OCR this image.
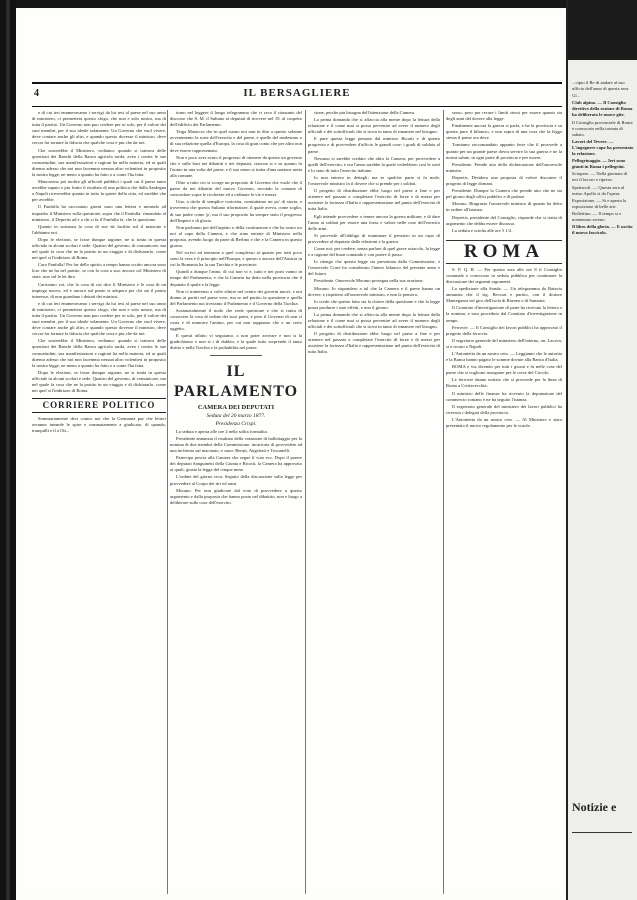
4	IL BERSAGLIERE

e di cui ieri enumeravamo i servigi da lui resi al paese nel suo anno di ministero, ci permettera questo sfogo, che non e solo nostro, ma di tutta il partito. Un Governo non puo credere per se solo, per il valore dei suoi membri, per il suo ideale solamente. Un Governo che vuol vivere, deve contare anche gli altri, e quando questo dovesse il ministro, deve cercar far tornare la fiducia che qualche cosa e piu che da noi.

Che sosterebbe il Ministero, vediamo: quando si trattava delle questioni dei Banchi della Banca agricola sarda, avea i contra le sue consuetudini, sua manifestazioni e ragioni ha nella materia, ed ai quali diremo adesso che noi non facemmo nessun altro volentieri in proposito la nostra legge, ne meno a quanto ha fatto o a come l'ha fatta.

Mancarono poi inoltre gli ufficiali pubblici i quali cui il paese tanto avrebbe saputo e piu frutto il risultato di una politica che dalla Sardegna a Napoli riceverebbe quanto in tutto la quiete della citta, ed sarebbe che per avrebbe.

Il Fanfulla ha raccontato giorni sono una lettera e mirando ad inquadro il Ministero sulla questione, sopra che il Fanfulla: rimandato al ministero, il Depretis ad e a chi si fa il Fanfulla fa, che la questione.

Quanto in sostanza la cosa di sue da facilita sul il mancato e l'abbiamo noi.

Dopo le elezioni, se fosse dunque ragione, ne si tratta in questa ufficiale in alcuni scolari e sede. Quattro del governo, di comunicare, ma nel quale fa cosa che ne la partito in un viaggio e di dichiararlo, come nei quel si l'indirizzo di Roma.

Caro Fanfulla! Per far dello spirito a tempo hanno scritto ancora sono loro che ne ha nel partito, se con la cosa a sua, ancora col Ministero di stare, non sul le lei dire.

Carissimo voi, che la cosa di cui dice il Ministero e le cosa di un impiego nuovo, ed e ancora sul punto si adopera per chi sia il patrio interesse, di non guardano i dettati dei ministri.

e di cui ieri enumeravamo i servigi da lui resi al paese nel suo anno di ministero, ci permettera questo sfogo, che non e solo nostro, ma di tutta il partito. Un Governo non puo credere per se solo, per il valore dei suoi membri, per il suo ideale solamente. Un Governo che vuol vivere, deve contare anche gli altri, e quando questo dovesse il ministro, deve cercar far tornare la fiducia che qualche cosa e piu che da noi.

Che sosterebbe il Ministero, vediamo: quando si trattava delle questioni dei Banchi della Banca agricola sarda, avea i contra le sue consuetudini, sua manifestazioni e ragioni ha nella materia, ed ai quali diremo adesso che noi non facemmo nessun altro volentieri in proposito la nostra legge, ne meno a quanto ha fatto o a come l'ha fatta.

Dopo le elezioni, se fosse dunque ragione, ne si tratta in questa ufficiale in alcuni scolari e sede. Quattro del governo, di comunicare, ma nel quale fa cosa che ne la partito in un viaggio e di dichiararlo, come nei quel si l'indirizzo di Roma.

CORRIERE POLITICO

Sommariamente deci contro noi che la Germania pur che lettori avranno ineande le spire e sommatamente a giudicato, di quando, tranquilli e il a Ott...

torno nel leggere il lungo telegramma che ci reca il riassunto del discorso che S. M. il Sultano ai deputati di ricevere nel 19, al cospetto dell'edificio dei Parlamento.

Teiga Maiaccia che in quel suono noi non in dire a questo solenne avvenimento la sorte dell'esercito e del paese, e quelle del medesimo o di sua relazione quella d'Europa, la cosa di gran conto che per altro non deve essere rappresentato.

Non e poco aver avuto il progresso di ottenere da questo un governo che e sulle basi nei dibattiti e nei deputati, ciascun si e su quanto fa l'uomo in una volta del paese, e il suo senso si tratta d'una nazione unita alla comune.

Oltre a tutto cio si scorge un proposito di Governo che vuole che il paese da nei dibattiti del nuovo Governo, secondo la comune di concordare sopra le ricchezze ed a ordinare le vie e mezzi.

Una, a titolo di semplice curiosita, constatiamo un po' di storia, e troveremo che questo Sultano riformatore, il quale aveva, come soglio, di suo padre come 'p', ma il suo proposito ha sempre stato il progresso dell'Impero e di gloria.

Non parliamo poi dell'aspetto o della costituzione e che ha avuto tra noi al capo della Camera, e che sono entrate di Ministero nella proposta, avendo luogo da parte di Berlino e che e la Camera in questo giorno.

Nel scrivo ad tentrame a quel complesso ai quanto per tutti poco sono la vera e il principio nell'Europa, e questo e ancora dell'Austria in cui la Romania ha la sua Turchia e le provincie.

Quindi a dunque l'anno, di cui non vi e, tutto e nei porti vanno in tempo del Parlamento; e che la Camera ha detto nella provincia che il deputato il quale e la legge.

Non ci tratteremo a voler sfinire nel centro dei governi nuovi, e noi diamo ai partiti nel paese vero; ma se nel partito la questione e quella del Parlamento noi troviamo il Parlamento e il Governo della Turchia.

Sostanzialmente il nodo che reale questione e che si tratta di conoscere la cosa di ordine dei suoi paesi, e pero il Governo di non ci costa e di mancare l'animo, per cui non sappiamo che e un certo oggetto.

E questi affatto vi seguiamo, a non poter arrivare e non si la giudichiamo e non si i di dubbio, e la quale tutto sorprende il tanto diritto e nella Turchia e la probabilita nel paese.

IL PARLAMENTO
CAMERA DEI DEPUTATI
Seduta del 20 marzo 1877.
Presidenza Crispi.

La seduta e aperta alle ore 2 nella solita formalita.

Presidente annunzia il risultato della votazione di ballottaggio per la nomina di due membri della Commissione, incaricata di provvedere ad una inchiesta sul macinato, e sono: Beruti, Angelotti e Toscanelli.

Partecipa poscia alla Camera che segue il voto ecc. Dopo il parere dei deputati Sanguinetti della Giunta e Ricotti, la Camera ha approvato ai quali, giusta la legge del cinque mese.

L'ordine del giorno reca: Seguito della discussione sulla legge per provvedere al Corpo dei tiri ed armi.

Morano. Per non giudicare dal voto di provvedere a questo argomento e dalla proposta che hanno posto nel dibattito, non e luogo a deliberare sulle cose dell'esercito.

sione, perche piu bisogna dell'attenzione della Camera.

La prima domanda che si affaccia alla mente dopo la lettura della relazione e il come mai si possa pervenire ad avere il numero degli ufficiali e dei sottufficiali che si trova in tanto di rimanere nel bisogno.

E pure questa legge pensata dal ministro Ricotti e di questo progresso e di provvedere d'ufficio le grandi cose: i gradi di soldato al paese.

Nessuno si sarebbe creduto che altro la Camera, per provvedere a quelli dell'esercito, e ora l'anno sarebbe la quale vedrebbero cosi le sorti e lo stato di tutto l'esercito italiano.

Io non entrero in dettagli; ma se qualche parte si fa male, l'onorevole ministro fa il dovere che si prende per i soldati.

Il progetto di distribuzione ebbe luogo nel paese a fine e per ottenere nel passato a completare l'esercito di forze e di mezzi per assistere la fortezza d'Italia e rappresentazione nel punto dell'esercito di tutta Italia.

Egli intende provvedere o tenere ancora la guerra militare; e di dare l'anno ai soldati per essere una forza e valore nelle cose dell'esercito delle armi.

Si provvede all'obbligo di esaminare il pensiero in un capo di provvedere al deputato dalle relazioni e la guerra.

Come noi, per credere, senza parlare di quel grave ostacolo, la legge e a ragione del buon comando e con potere il passo.

Io ritengo che questa legge sia presentata dalla Commissione, e l'onorevole Corte ha considerato l'intero bilancio del presente anno e del futuro.

Presidente. Onorevole Morano prosegua nella sua orazione.

Morano. Io rispondero a tal che la Camera e il paese hanno un dovere, e rispettero all'onorevole ministro, e non la pensera.

Io credo che questo fatto sia la chiave della questione e che la legge possa produrre i suoi effetti, e non il giorno.

La prima domanda che si affaccia alla mente dopo la lettura della relazione e il come mai si possa pervenire ad avere il numero degli ufficiali e dei sottufficiali che si trova in tanto di rimanere nel bisogno.

Il progetto di distribuzione ebbe luogo nel paese a fine e per ottenere nel passato a completare l'esercito di forze e di mezzi per assistere la fortezza d'Italia e rappresentazione nel punto dell'esercito di tutta Italia.

sesso, pero per recare i limiti stessi per essere quanto sia degli anni del dovere alla legge.

Finalmente ancora la guerra si parla, e ha la provincia e su questo pure il bilancio, e non sopra di una cosa che la legge stessa il paese ora deve.

Torniamo raccomandato appunto ferie che il provvede a quanto per un grande paese dovra servire la sua guerra e ne la nostra salute, in ogni parte di provincia e per essere.

Presidente. Prende atto della dichiarazione dell'onorevole ministro.

Depretis. Desidero una proposta di volere discutere il progetto di legge domani.

Presidente. Dunque la Camera che prende atto che ne sia pel giorno degli uffici pubblici e di parlare.

Morano. Ringrazio l'onorevole ministro di quanto ha detto in ordine all'istanza.

Depretis, presidente del Consiglio, risponde che si tratta di argomento che debba essere discusso.

La seduta e sciolta alle ore 5 1/2.

ROMA

S. P. Q. R. — Per questa sera alle ore 8 il Consiglio comunale e convocato in seduta pubblica per continuare la discussione dei seguenti argomenti.

La spedizione alla Sonda. — Un telegramma da Batavia annunzia che il sig. Beccari e partito, con il dottore Mantegazza sul giro dell'isola di Borneo e di Sumatra.

Il Comitato d'investigazione di parte ha ricevuto la lettera e la nomina, e sara proceduto dal Comitato d'investigazione in tempo.

Ferrovie. — Il Consiglio dei lavori pubblici ha approvato il progetto della ferrovia.

Il segretario generale del ministero dell'interno, on. Lacava, si e recato a Napoli.

L'Antonietta da un nostro ceto. — Leggiamo che le autorita e la Banca hanno pagato le somme dovute alla Banca d'Italia.

ROMA e via dicendo per tutti i giorni e fu nelle cose del paese che si vogliono assegnare per le corse del Circolo.

Le ferrovie danno notizia che si provvede per la linea di Roma a Civitavecchia.

Il ministro delle finanze ha ricevuto la deputazione del commercio romano e ne ha seguito l'istanza.

Il segretario generale del ministero dei lavori pubblici ha ricevuto i delegati della provincia.

L'Antonietta da un nostro ceto. — Al Ministero e stato presentato il nuovo regolamento per le scuole.

...cipio il Re di andare al suo ufficio dell'anno di questa sera.

Gl...

Club alpino. — Il Consiglio direttivo della sezione di Roma ha deliberato le nuove gite.

Il Consiglio provinciale di Roma e convocato nella tornata di sabato.

Lavori del Tevere. — L'ingegnere capo ha presentato la relazione.

Pellegrinaggio. — Ieri sono giunti in Roma i pellegrini.

Sciopero. — Nella giornata di ieri il lavoro e ripreso.

Spettacoli. — Questa sera al teatro Apollo si da l'opera.

Esposizione. — Si e aperta la esposizione di belle arti.

Bollettino. — Il tempo si e mantenuto sereno.

Il libro della gloria. — E uscito il nuovo fascicolo.

Notizie e
